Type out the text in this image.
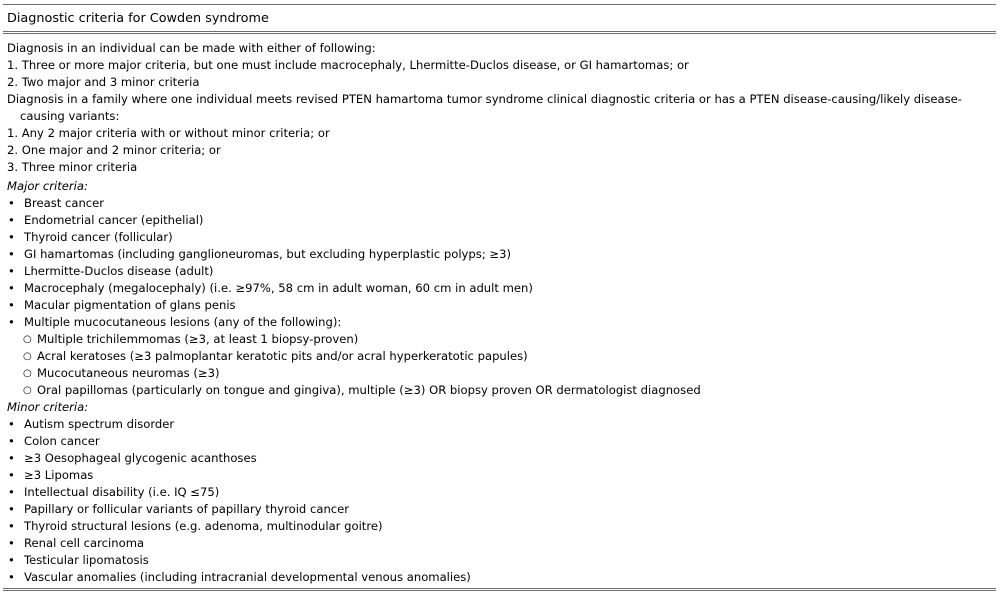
Diagnostic criteria for Cowden syndrome
Diagnosis in an individual can be made with either of following:
1. Three or more major criteria, but one must include macrocephaly, Lhermitte-Duclos disease, or GI hamartomas; or
2. Two major and 3 minor criteria
Diagnosis in a family where one individual meets revised PTEN hamartoma tumor syndrome clinical diagnostic criteria or has a PTEN disease-causing/likely disease-
causing variants:
1. Any 2 major criteria with or without minor criteria; or
2. One major and 2 minor criteria; or
3. Three minor criteria
Major criteria:
• Breast cancer
• Endometrial cancer (epithelial)
• Thyroid cancer (follicular)
• GI hamartomas (including ganglioneuromas, but excluding hyperplastic polyps; ≥3)
• Lhermitte-Duclos disease (adult)
• Macrocephaly (megalocephaly) (i.e. ≥97%, 58 cm in adult woman, 60 cm in adult men)
• Macular pigmentation of glans penis
• Multiple mucocutaneous lesions (any of the following):
○ Multiple trichilemmomas (≥3, at least 1 biopsy-proven)
○ Acral keratoses (≥3 palmoplantar keratotic pits and/or acral hyperkeratotic papules)
○ Mucocutaneous neuromas (≥3)
○ Oral papillomas (particularly on tongue and gingiva), multiple (≥3) OR biopsy proven OR dermatologist diagnosed
Minor criteria:
• Autism spectrum disorder
• Colon cancer
• ≥3 Oesophageal glycogenic acanthoses
• ≥3 Lipomas
• Intellectual disability (i.e. IQ ≤75)
• Papillary or follicular variants of papillary thyroid cancer
• Thyroid structural lesions (e.g. adenoma, multinodular goitre)
• Renal cell carcinoma
• Testicular lipomatosis
• Vascular anomalies (including intracranial developmental venous anomalies)
